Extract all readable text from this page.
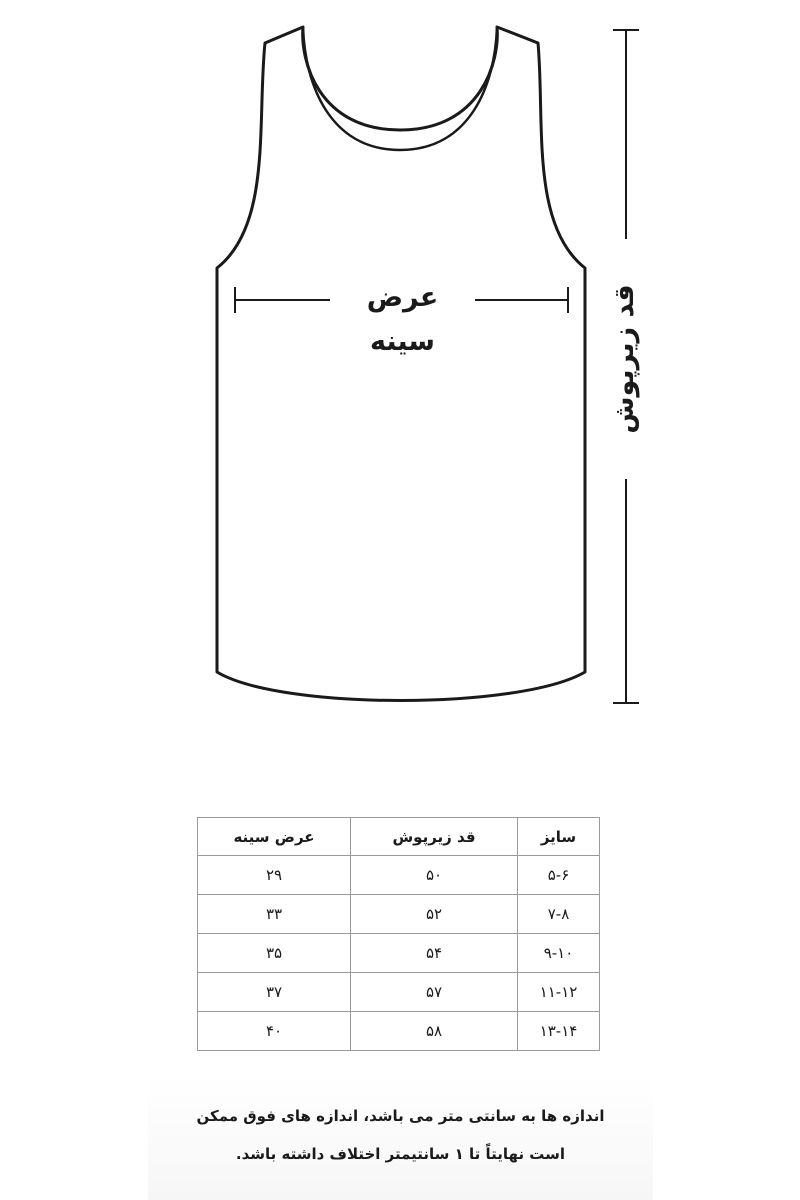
عرض سینه	قد زیرپوش
سایز	قد زیرپوش	عرض سینه
۵-۶	۵۰	۲۹
۷-۸	۵۲	۳۳
۹-۱۰	۵۴	۳۵
۱۱-۱۲	۵۷	۳۷
۱۳-۱۴	۵۸	۴۰
اندازه ها به سانتی متر می باشد، اندازه های فوق ممکن
است نهایتاً تا ۱ سانتیمتر اختلاف داشته باشد.
